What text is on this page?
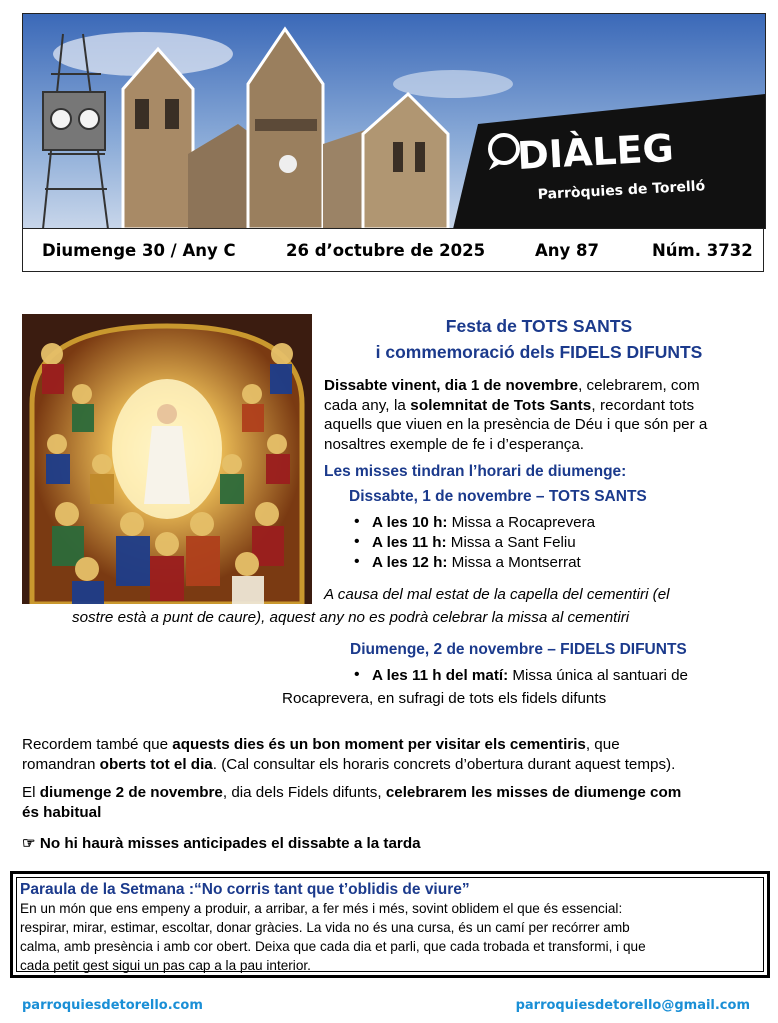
DIÀLEG
Parròquies de Torelló
Diumenge 30 / Any C	26 d’octubre de 2025	Any 87	Núm. 3732
Festa de TOTS SANTS
i commemoració dels FIDELS DIFUNTS
Dissabte vinent, dia 1 de novembre, celebrarem, com
cada any, la solemnitat de Tots Sants, recordant tots
aquells que viuen en la presència de Déu i que són per a
nosaltres exemple de fe i d’esperança.
Les misses tindran l’horari de diumenge:
Dissabte, 1 de novembre – TOTS SANTS
• A les 10 h: Missa a Rocaprevera
• A les 11 h: Missa a Sant Feliu
• A les 12 h: Missa a Montserrat
A causa del mal estat de la capella del cementiri (el
sostre està a punt de caure), aquest any no es podrà celebrar la missa al cementiri
Diumenge, 2 de novembre – FIDELS DIFUNTS
• A les 11 h del matí: Missa única al santuari de
Rocaprevera, en sufragi de tots els fidels difunts
Recordem també que aquests dies és un bon moment per visitar els cementiris, que
romandran oberts tot el dia. (Cal consultar els horaris concrets d’obertura durant aquest temps).
El diumenge 2 de novembre, dia dels Fidels difunts, celebrarem les misses de diumenge com
és habitual
☞ No hi haurà misses anticipades el dissabte a la tarda
Paraula de la Setmana :“No corris tant que t’oblidis de viure”
En un món que ens empeny a produir, a arribar, a fer més i més, sovint oblidem el que és essencial:
respirar, mirar, estimar, escoltar, donar gràcies. La vida no és una cursa, és un camí per recórrer amb
calma, amb presència i amb cor obert. Deixa que cada dia et parli, que cada trobada et transformi, i que
cada petit gest sigui un pas cap a la pau interior.
parroquiesdetorello.com	parroquiesdetorello@gmail.com
